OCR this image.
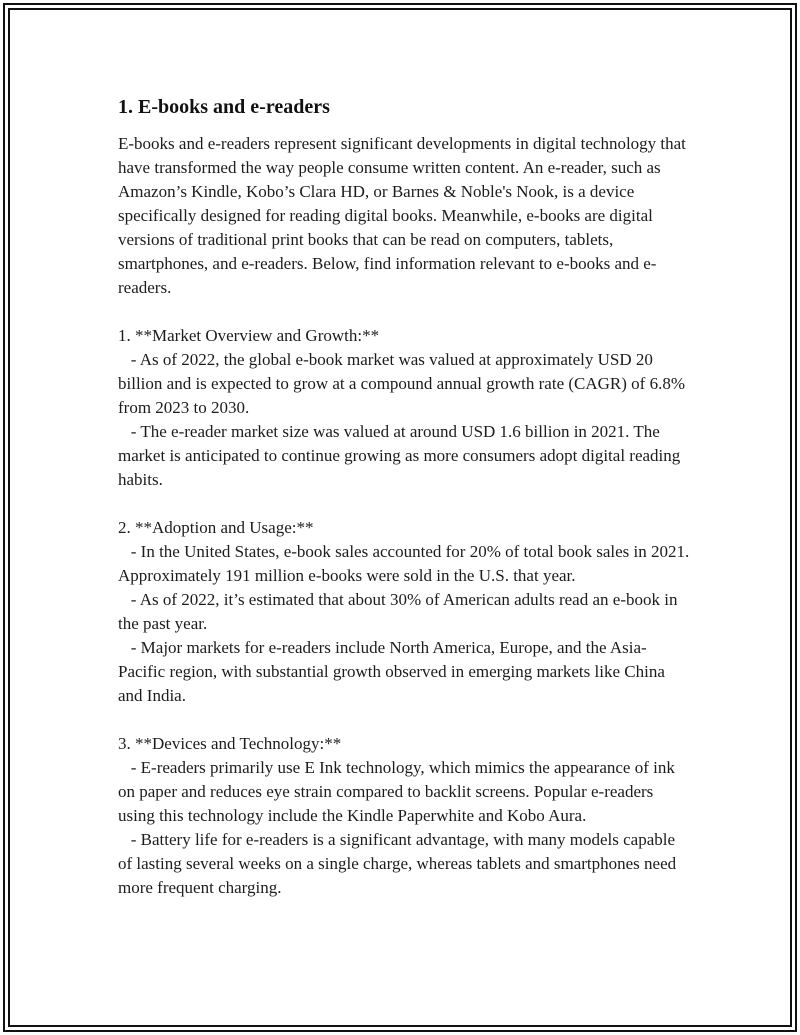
1. E-books and e-readers

E-books and e-readers represent significant developments in digital technology that have transformed the way people consume written content. An e-reader, such as Amazon’s Kindle, Kobo’s Clara HD, or Barnes & Noble's Nook, is a device specifically designed for reading digital books. Meanwhile, e-books are digital versions of traditional print books that can be read on computers, tablets, smartphones, and e-readers. Below, find information relevant to e-books and e-readers.

1. **Market Overview and Growth:**

- As of 2022, the global e-book market was valued at approximately USD 20 billion and is expected to grow at a compound annual growth rate (CAGR) of 6.8% from 2023 to 2030.

- The e-reader market size was valued at around USD 1.6 billion in 2021. The market is anticipated to continue growing as more consumers adopt digital reading habits.

2. **Adoption and Usage:**

- In the United States, e-book sales accounted for 20% of total book sales in 2021. Approximately 191 million e-books were sold in the U.S. that year.

- As of 2022, it’s estimated that about 30% of American adults read an e-book in the past year.

- Major markets for e-readers include North America, Europe, and the Asia-Pacific region, with substantial growth observed in emerging markets like China and India.

3. **Devices and Technology:**

- E-readers primarily use E Ink technology, which mimics the appearance of ink on paper and reduces eye strain compared to backlit screens. Popular e-readers using this technology include the Kindle Paperwhite and Kobo Aura.

- Battery life for e-readers is a significant advantage, with many models capable of lasting several weeks on a single charge, whereas tablets and smartphones need more frequent charging.
